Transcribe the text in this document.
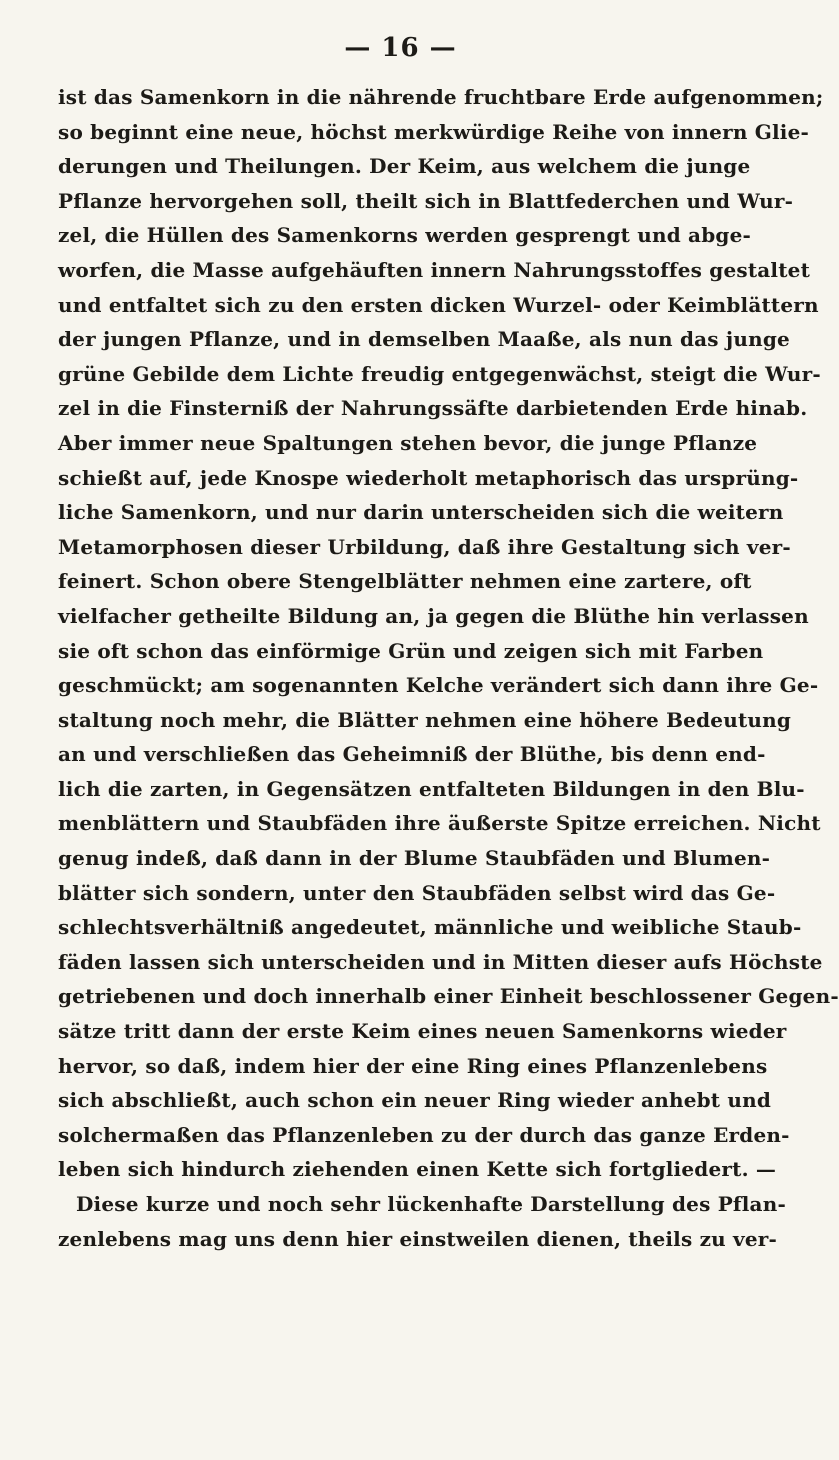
— 16 —
ist das Samenkorn in die nährende fruchtbare Erde aufgenommen;
so beginnt eine neue, höchst merkwürdige Reihe von innern Glie-
derungen und Theilungen. Der Keim, aus welchem die junge
Pflanze hervorgehen soll, theilt sich in Blattfederchen und Wur-
zel, die Hüllen des Samenkorns werden gesprengt und abge-
worfen, die Masse aufgehäuften innern Nahrungsstoffes gestaltet
und entfaltet sich zu den ersten dicken Wurzel- oder Keimblättern
der jungen Pflanze, und in demselben Maaße, als nun das junge
grüne Gebilde dem Lichte freudig entgegenwächst, steigt die Wur-
zel in die Finsterniß der Nahrungssäfte darbietenden Erde hinab.
Aber immer neue Spaltungen stehen bevor, die junge Pflanze
schießt auf, jede Knospe wiederholt metaphorisch das ursprüng-
liche Samenkorn, und nur darin unterscheiden sich die weitern
Metamorphosen dieser Urbildung, daß ihre Gestaltung sich ver-
feinert. Schon obere Stengelblätter nehmen eine zartere, oft
vielfacher getheilte Bildung an, ja gegen die Blüthe hin verlassen
sie oft schon das einförmige Grün und zeigen sich mit Farben
geschmückt; am sogenannten Kelche verändert sich dann ihre Ge-
staltung noch mehr, die Blätter nehmen eine höhere Bedeutung
an und verschließen das Geheimniß der Blüthe, bis denn end-
lich die zarten, in Gegensätzen entfalteten Bildungen in den Blu-
menblättern und Staubfäden ihre äußerste Spitze erreichen. Nicht
genug indeß, daß dann in der Blume Staubfäden und Blumen-
blätter sich sondern, unter den Staubfäden selbst wird das Ge-
schlechtsverhältniß angedeutet, männliche und weibliche Staub-
fäden lassen sich unterscheiden und in Mitten dieser aufs Höchste
getriebenen und doch innerhalb einer Einheit beschlossener Gegen-
sätze tritt dann der erste Keim eines neuen Samenkorns wieder
hervor, so daß, indem hier der eine Ring eines Pflanzenlebens
sich abschließt, auch schon ein neuer Ring wieder anhebt und
solchermaßen das Pflanzenleben zu der durch das ganze Erden-
leben sich hindurch ziehenden einen Kette sich fortgliedert. —
Diese kurze und noch sehr lückenhafte Darstellung des Pflan-
zenlebens mag uns denn hier einstweilen dienen, theils zu ver-
